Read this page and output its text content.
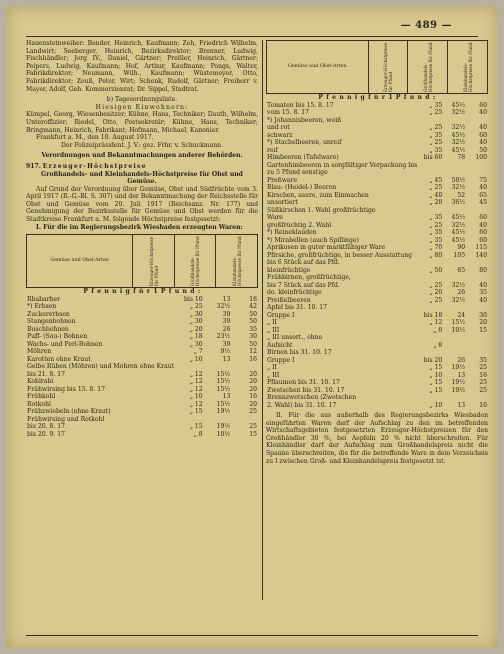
— 489 —

Hauensteinweiher: Bender, Heinrich, Kaufmann; Zeh, Friedrich Wilhelm, Landwirt; Seeberger, Heinrich, Bezirksdirektor; Brenner, Ludwig, Fischhändler; Jorg IV., Daniel, Gärtner; Preßler, Heinrich, Gärtner; Peipers, Ludwig, Kaufmann; Hof, Arthur, Kaufmann; Pongs, Walter, Fabrikdirektor; Neumann, Wilh., Kaufmann; Wüstemeyer, Otto, Fabrikdirektor; Zeuß, Peter, Wirt; Schenk, Rudolf, Gärtner; Freiherr v. Mayer, Adolf, Geh. Kommerzienrat; Dr. Sippel, Stadtrat.

b) Tagesordnungsliste.

Hiesigen Einwohnern:

Kümpel, Georg, Wiesenbesitzer; Kühne, Hans, Techniker; Dauth, Wilhelm, Unteroffizier; Riedel, Otto, Postsekretär; Kühne, Hans, Techniker; Bringmann, Heinrich, Fabrikant; Hofmann, Michael, Kanonier.

Frankfurt a. M., den 10. August 1917.

Der Polizeipräsident. J. V.: gez. Frhr. v. Schuckmann.

Verordnungen und Bekanntmachungen anderer Behörden.

917. Erzeuger-Höchstpreise

Großhandels- und Kleinhandels-Höchstpreise für Obst und Gemüse.

Auf Grund der Verordnung über Gemüse, Obst und Südfrüchte vom 3. April 1917 (R.-G.-Bl. S. 307) und der Bekanntmachung der Reichsstelle für Obst und Gemüse vom 20. Juli 1917 (Reichsanz. Nr. 177) und Genehmigung der Bezirksstelle für Gemüse und Obst werden für die Stadtkreise Frankfurt a. M. folgende Höchstpreise festgesetzt:

I. Für die im Regierungsbezirk Wiesbaden erzeugten Waren:

Gemüse und Obst-Arten	Erzeuger-Höchstpreise für Pfund	Großhandels-Höchstpreise für Pfund	Kleinhandels-Höchstpreise für Pfund
P f e n n i g f ü r 1 P f u n d :
Rhabarber	bis 10	13	18
*) Erbsen	„ 25	32½	42
Zuckererbsen	„ 30	39	50
Stangenbohnen	„ 30	39	50
Buschbohnen	„ 20	26	35
Puff- (Sau-) Bohnen	„ 18	23½	30
Wachs- und Perl-Bohnen	„ 30	39	50
Möhren	„ 7	9½	12
Karotten ohne Kraut	„ 10	13	16
Gelbe Rüben (Möhren) und Mohren ohne Kraut			
bis 21. 8. 17	„ 12	15½	20
Kohlrabi	„ 12	15½	20
Frühwirsing bis 15. 8. 17	„ 12	15½	20
Frühkohl	„ 10	13	16
Rotkohl	„ 12	15½	20
Frühzwiebeln (ohne Kraut)	„ 15	19½	25
Frühwirsing und Rotkohl			
bis 20. 8. 17	„ 15	19½	25
bis 20. 9. 17	„ 8	10½	15
Gemüse und Obst-Arten	Erzeuger-Höchstpreise für Pfund	Großhandels-Höchstpreise für Pfund	Kleinhandels-Höchstpreise für Pfund
P f e n n i g f ü r 1 P f u n d :
Tomaten bis 15. 8. 17	„ 35	45½	60
vom 15. 8. 17	„ 25	32½	40
*) Johannisbeeren, weiß			
und rot	„ 25	32½	40
schwarz	„ 35	45½	60
*) Stachelbeeren, unreif	„ 25	32½	40
reif	„ 35	45½	50
Himbeeren (Tafelware)	bis 60	78	100
Gartenhimbeeren in sorgfältiger Verpackung bis			
zu 5 Pfund sonstige			
Preßware	„ 45	58½	75
Blau- (Heidel-) Beeren	„ 25	32½	40
Kirschen, saure, zum Einmachen	„ 40	52	65
unsortiert	„ 28	36½	45
Süßkirschen 1. Wahl großfrüchtige			
Ware	„ 35	45½	60
großfrüchtig 2. Wahl	„ 25	32½	40
*) Reineklauden	„ 35	45½	60
*) Mirabellen (auch Spillinge)	„ 35	45½	60
Aprikosen in guter marktfähiger Ware	„ 70	90	115
Pfirsiche, großfrüchtige, in besser Ausstattung	„ 80	105	140
bis 6 Stück auf das Pfd.			
kleinfrüchtige	„ 50	65	80
Frühbirnen, großfrüchtige,			
bis 7 Stück auf das Pfd.	„ 25	32½	40
do. kleinfrüchtige	„ 20	26	35
Preißelbeeren	„ 25	32½	40
Äpfel bis 31. 10. 17			
Gruppe I	bis 18	24	30
„ II	„ 12	15½	20
„ III	„ 8	10½	15
„ III unsort., ohne			
Aufsicht	„ 8		
Birnen bis 31. 10. 17			
Gruppe I	bis 20	26	35
„ II	„ 15	19½	25
„ III	„ 10	13	16
Pflaumen bis 31. 10. 17	„ 15	19½	25
Zwetschen bis 31. 10. 17	„ 15	19½	25
Brennzwetschen (Zwetschen			
2. Wahl) bis 31. 10. 17	„ 10	13	16

II. Für die aus außerhalb des Regierungsbezirks Wiesbaden eingeführten Waren darf der Aufschlag zu den im betreffenden Wirtschaftsgebieten festgesetzten Erzeuger-Höchstpreisen für den Großhändler 30 %, bei Aepfeln 20 % nicht überschreiten. Für Kleinhändler darf der Aufschlag zum Großhandelspreis nicht die Spanne überschreiten, die für die betreffende Ware in dem Verzeichnis zu I zwischen Groß- und Kleinhandelspreis festgesetzt ist.
